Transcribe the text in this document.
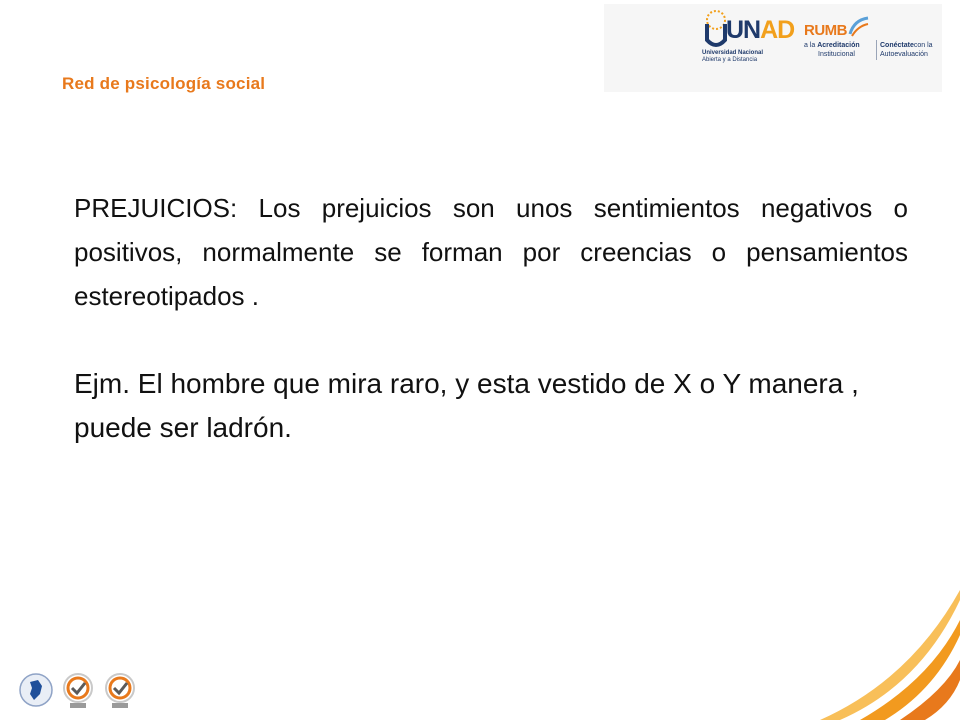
Red de psicología social
UNAD
Universidad Nacional
Abierta y a Distancia
RUMB
a la Acreditación
Institucional
Conéctatecon la
Autoevaluación

PREJUICIOS: Los prejuicios son unos sentimientos negativos o positivos, normalmente se forman por creencias o pensamientos estereotipados .

Ejm. El hombre que mira raro, y esta vestido de X o Y manera , puede ser ladrón.
